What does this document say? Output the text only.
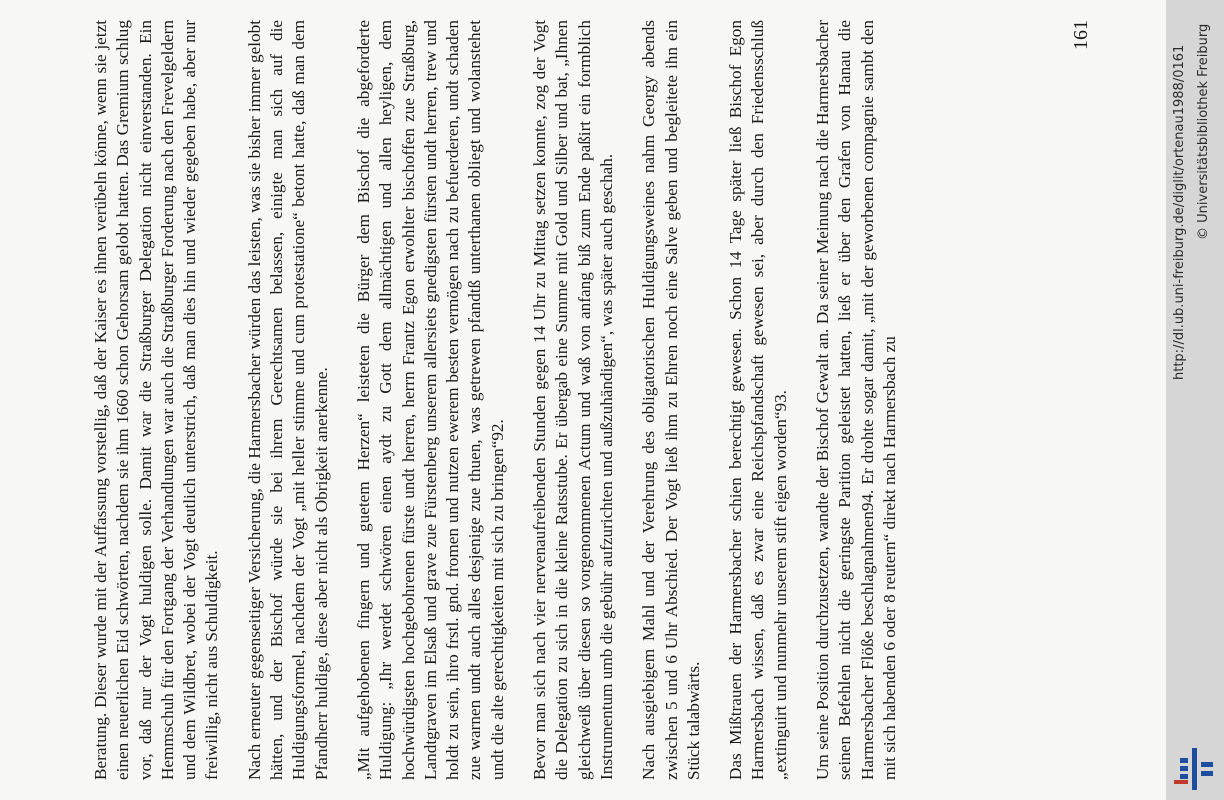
Beratung. Dieser wurde mit der Auffassung vorstellig, daß der Kaiser es ihnen verübeln könne, wenn sie jetzt einen neuerlichen Eid schwörten, nachdem sie ihm 1660 schon Gehorsam gelobt hatten. Das Gremium schlug vor, daß nur der Vogt huldigen solle. Damit war die Straßburger Delegation nicht einverstanden. Ein Hemmschuh für den Fortgang der Verhandlungen war auch die Straßburger Forderung nach den Frevelgeldern und dem Wildbret, wobei der Vogt deutlich unterstrich, daß man dies hin und wieder gegeben habe, aber nur freiwillig, nicht aus Schuldigkeit. Nach erneuter gegenseitiger Versicherung, die Harmersbacher würden das leisten, was sie bisher immer gelobt hätten, und der Bischof würde sie bei ihrem Gerechtsamen belassen, einigte man sich auf die Huldigungsformel, nachdem der Vogt „mit heller stimme und cum protestatione“ betont hatte, daß man dem Pfandherr huldige, diese aber nicht als Obrigkeit anerkenne. „Mit aufgehobenen fingern und guetem Herzen“ leisteten die Bürger dem Bischof die abgeforderte Huldigung: „Ihr werdet schwören einen aydt zu Gott dem allmächtigen und allen heyligen, dem hochwürdigsten hochgebohrenen fürste undt herren, herrn Frantz Egon erwohlter bischoffen zue Straßburg, Landtgraven im Elsaß und grave zue Fürstenberg unserem allersiets gnedigsten fürsten undt herren, trew und holdt zu sein, ihro frstl. gnd. fromen und nutzen ewerem besten vermögen nach zu befuerderen, undt schaden zue warnen undt auch alles desjenige zue thuen, was getrewen pfandtß unterthanen obliegt und wolanstehet undt die alte gerechtigkeiten mit sich zu bringen“92. Bevor man sich nach vier nervenaufreibenden Stunden gegen 14 Uhr zu Mittag setzen konnte, zog der Vogt die Delegation zu sich in die kleine Ratsstube. Er übergab eine Summe mit Gold und Silber und bat, „Ihnen gleichweiß über diesen so vorgenommenen Actum und waß von anfang biß zum Ende paßirt ein formblich Instrumentum umb die gebühr aufzurichten und außzuhändigen“, was später auch geschah. Nach ausgiebigem Mahl und der Verehrung des obligatorischen Huldigungsweines nahm Georgy abends zwischen 5 und 6 Uhr Abschied. Der Vogt ließ ihm zu Ehren noch eine Salve geben und begleitete ihn ein Stück talabwärts. Das Mißtrauen der Harmersbacher schien berechtigt gewesen. Schon 14 Tage später ließ Bischof Egon Harmersbach wissen, daß es zwar eine Reichspfandschaft gewesen sei, aber durch den Friedensschluß „extinguirt und nunmehr unserem stift eigen worden“93. Um seine Position durchzusetzen, wandte der Bischof Gewalt an. Da seiner Meinung nach die Harmersbacher seinen Befehlen nicht die geringste Parition geleistet hatten, ließ er über den Grafen von Hanau die Harmersbacher Flöße beschlagnahmen94. Er drohte sogar damit, „mit der geworbenen compagnie sambt den mit sich habenden 6 oder 8 reutern“ direkt nach Harmersbach zu

161
http://dl.ub.uni-freiburg.de/diglit/ortenau1988/0161 © Universitätsbibliothek Freiburg
